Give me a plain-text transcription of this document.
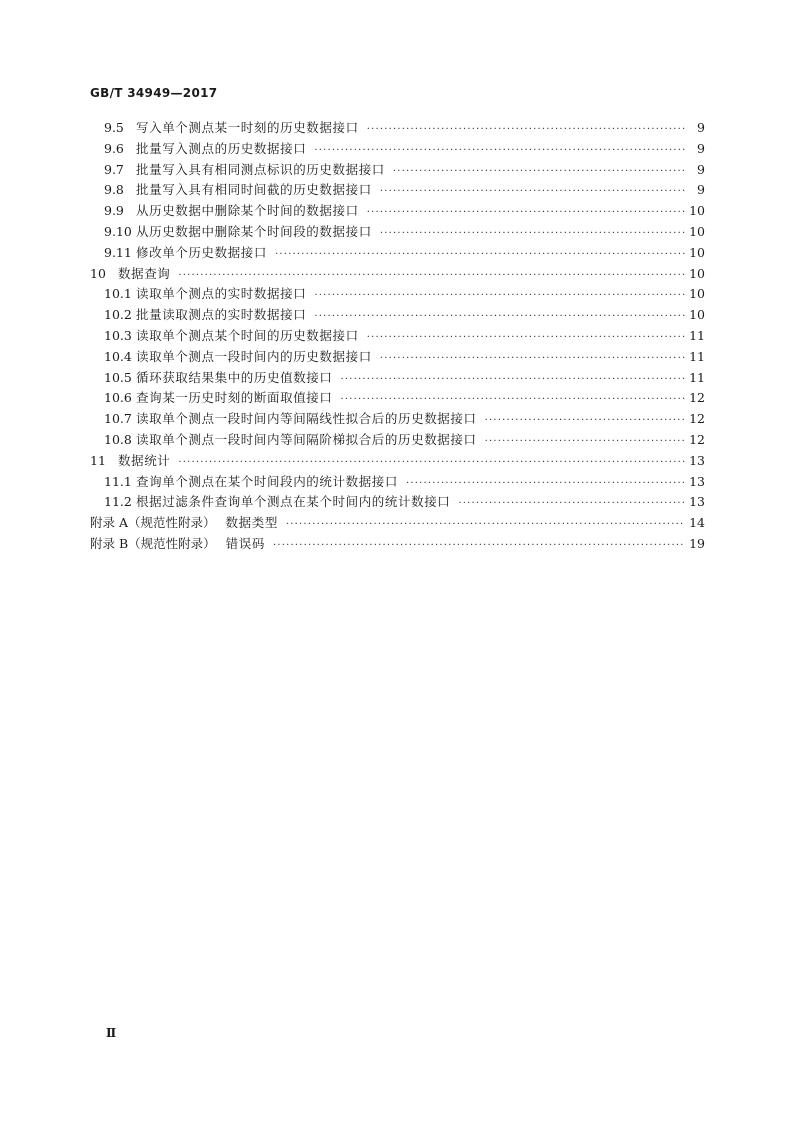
GB/T 34949—2017
9.5 写入单个测点某一时刻的历史数据接口 ·····	9
9.6 批量写入测点的历史数据接口 ·····	9
9.7 批量写入具有相同测点标识的历史数据接口 ·····	9
9.8 批量写入具有相同时间截的历史数据接口 ·····	9
9.9 从历史数据中删除某个时间的数据接口 ·····	10
9.10 从历史数据中删除某个时间段的数据接口 ·····	10
9.11 修改单个历史数据接口 ·····	10
10 数据查询 ·····	10
10.1 读取单个测点的实时数据接口 ·····	10
10.2 批量读取测点的实时数据接口 ·····	10
10.3 读取单个测点某个时间的历史数据接口 ·····	11
10.4 读取单个测点一段时间内的历史数据接口 ·····	11
10.5 循环获取结果集中的历史值数接口 ·····	11
10.6 查询某一历史时刻的断面取值接口 ·····	12
10.7 读取单个测点一段时间内等间隔线性拟合后的历史数据接口 ·····	12
10.8 读取单个测点一段时间内等间隔阶梯拟合后的历史数据接口 ·····	12
11 数据统计 ·····	13
11.1 查询单个测点在某个时间段内的统计数据接口 ·····	13
11.2 根据过滤条件查询单个测点在某个时间内的统计数接口 ·····	13
附录 A（规范性附录） 数据类型 ·····	14
附录 B（规范性附录） 错误码 ·····	19
Ⅱ
